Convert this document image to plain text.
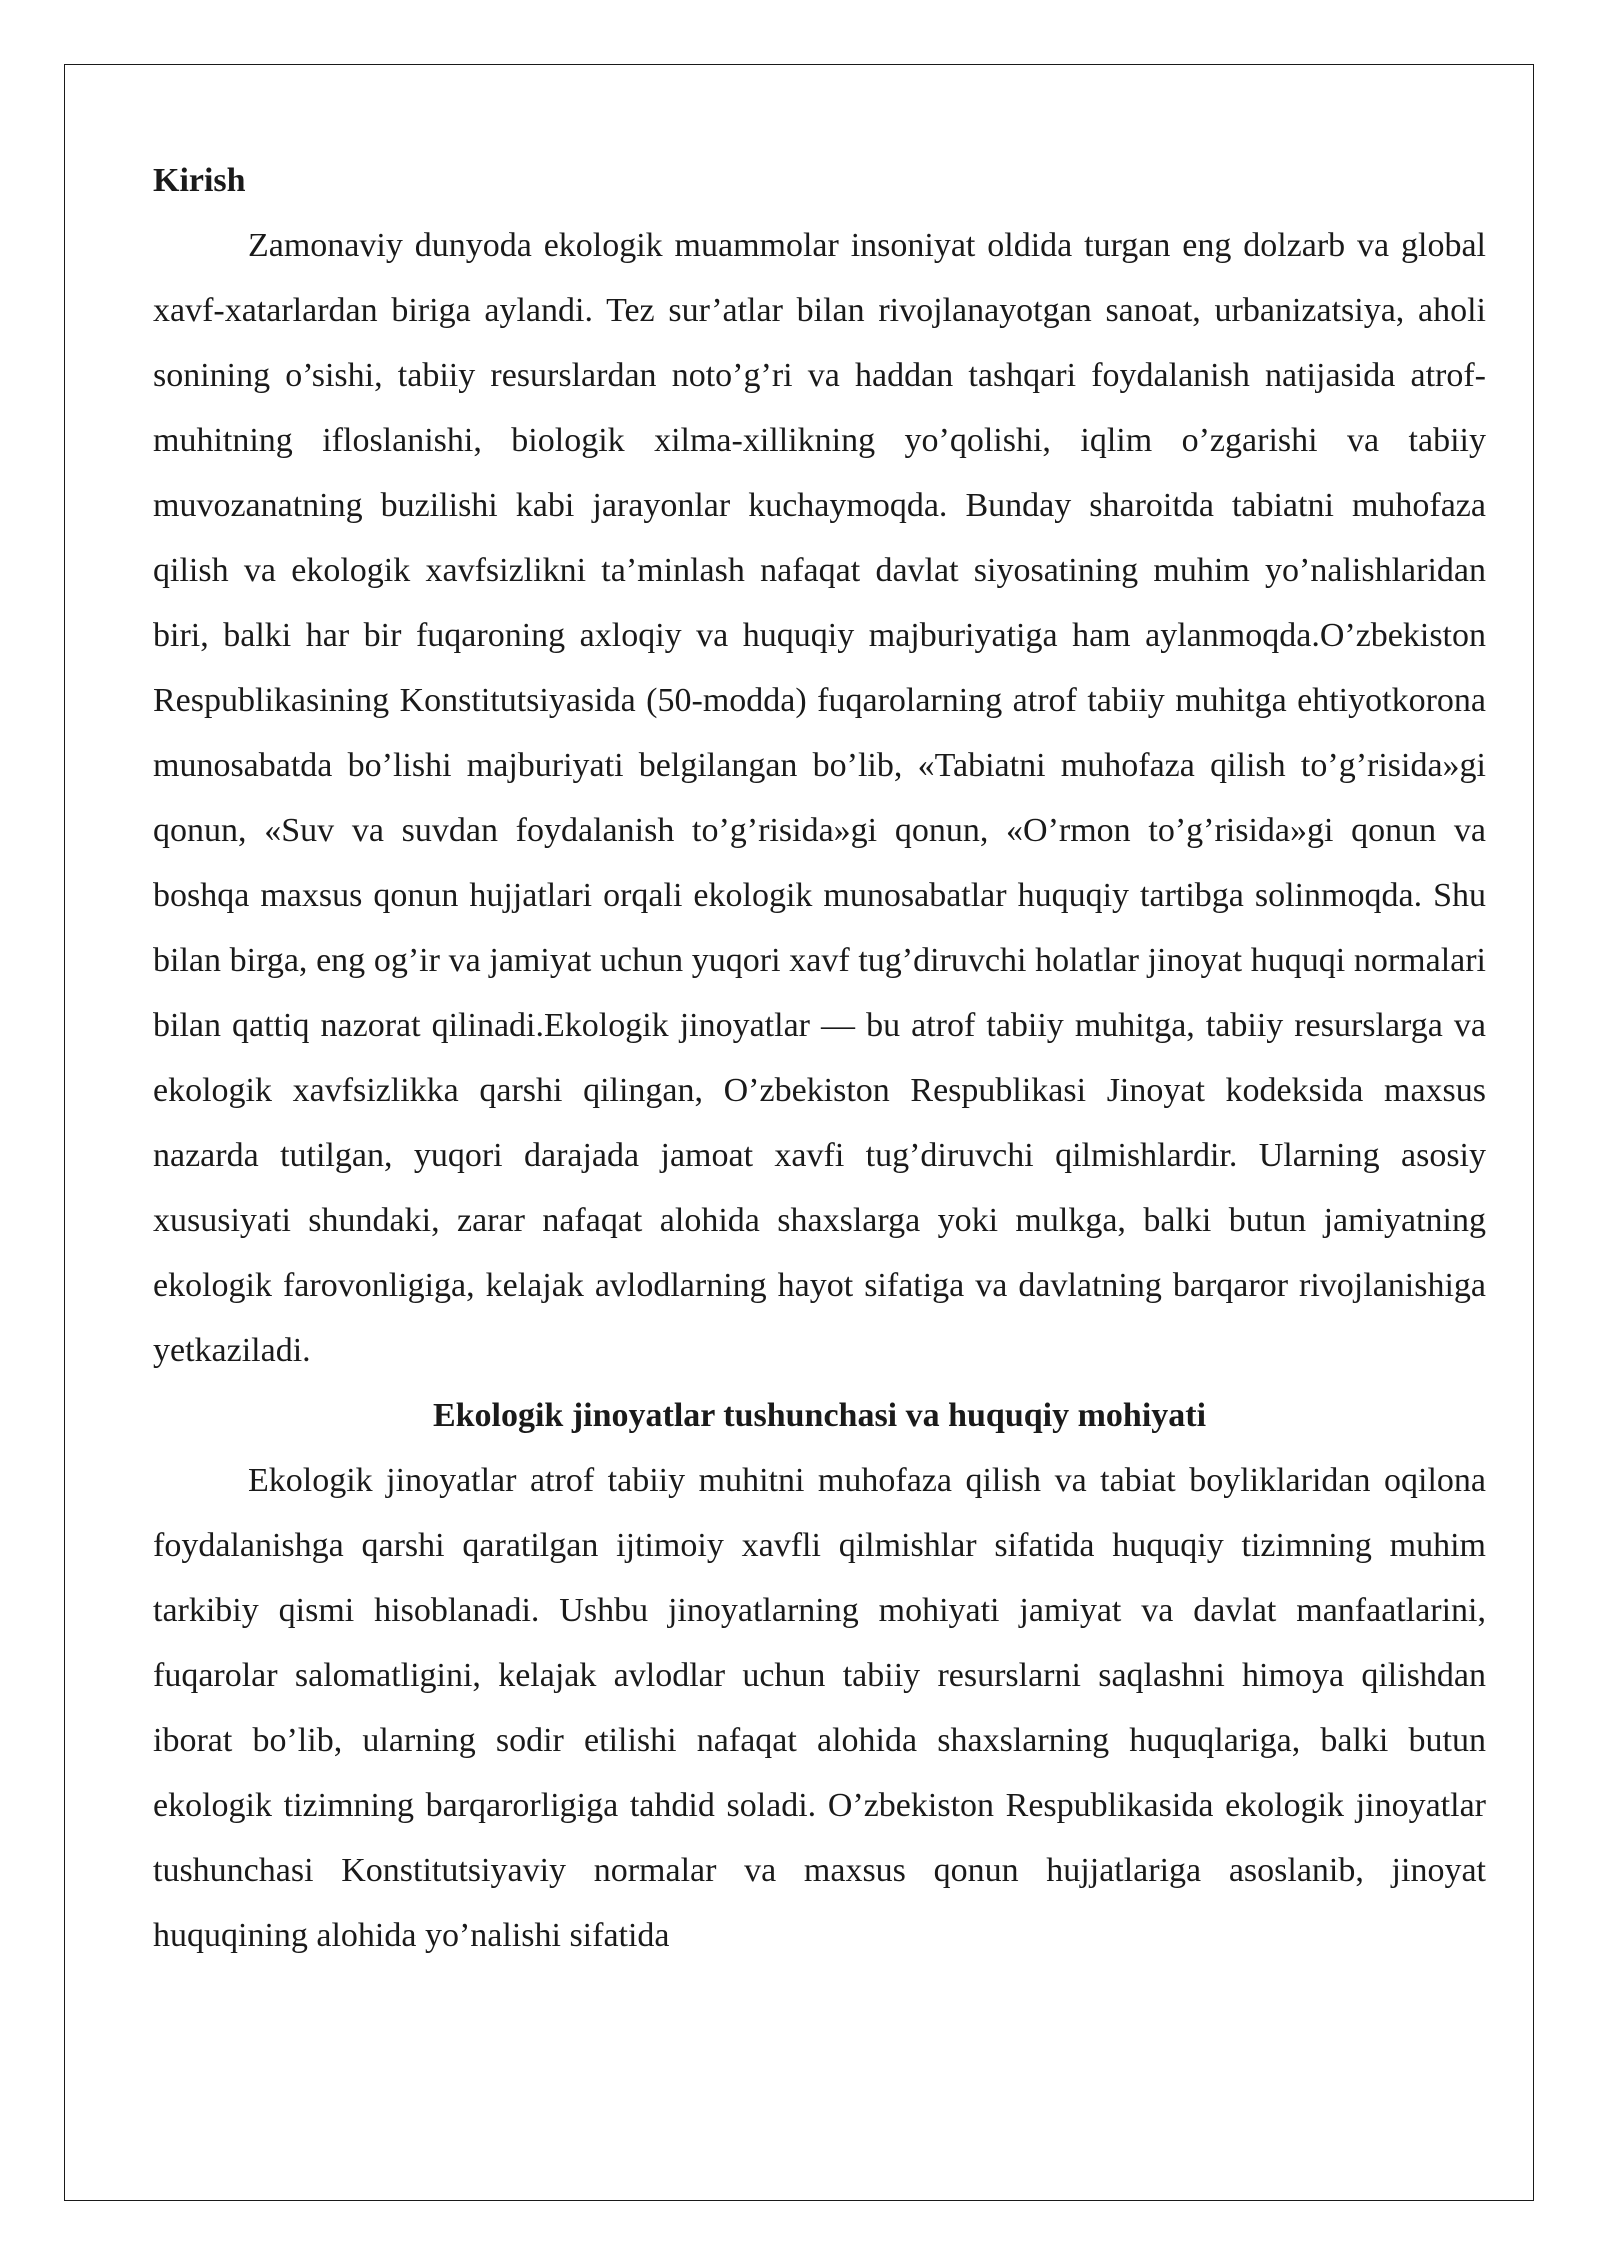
Kirish

Zamonaviy dunyoda ekologik muammolar insoniyat oldida turgan eng dolzarb va global xavf-xatarlardan biriga aylandi. Tez sur’atlar bilan rivojlanayotgan sanoat, urbanizatsiya, aholi sonining o’sishi, tabiiy resurslardan noto’g’ri va haddan tashqari foydalanish natijasida atrof-muhitning ifloslanishi, biologik xilma-xillikning yo’qolishi, iqlim o’zgarishi va tabiiy muvozanatning buzilishi kabi jarayonlar kuchaymoqda. Bunday sharoitda tabiatni muhofaza qilish va ekologik xavfsizlikni ta’minlash nafaqat davlat siyosatining muhim yo’nalishlaridan biri, balki har bir fuqaroning axloqiy va huquqiy majburiyatiga ham aylanmoqda.O’zbekiston Respublikasining Konstitutsiyasida (50-modda) fuqarolarning atrof tabiiy muhitga ehtiyotkorona munosabatda bo’lishi majburiyati belgilangan bo’lib, «Tabiatni muhofaza qilish to’g’risida»gi qonun, «Suv va suvdan foydalanish to’g’risida»gi qonun, «O’rmon to’g’risida»gi qonun va boshqa maxsus qonun hujjatlari orqali ekologik munosabatlar huquqiy tartibga solinmoqda. Shu bilan birga, eng og’ir va jamiyat uchun yuqori xavf tug’diruvchi holatlar jinoyat huquqi normalari bilan qattiq nazorat qilinadi.Ekologik jinoyatlar — bu atrof tabiiy muhitga, tabiiy resurslarga va ekologik xavfsizlikka qarshi qilingan, O’zbekiston Respublikasi Jinoyat kodeksida maxsus nazarda tutilgan, yuqori darajada jamoat xavfi tug’diruvchi qilmishlardir. Ularning asosiy xususiyati shundaki, zarar nafaqat alohida shaxslarga yoki mulkga, balki butun jamiyatning ekologik farovonligiga, kelajak avlodlarning hayot sifatiga va davlatning barqaror rivojlanishiga yetkaziladi.

Ekologik jinoyatlar tushunchasi va huquqiy mohiyati

Ekologik jinoyatlar atrof tabiiy muhitni muhofaza qilish va tabiat boyliklaridan oqilona foydalanishga qarshi qaratilgan ijtimoiy xavfli qilmishlar sifatida huquqiy tizimning muhim tarkibiy qismi hisoblanadi. Ushbu jinoyatlarning mohiyati jamiyat va davlat manfaatlarini, fuqarolar salomatligini, kelajak avlodlar uchun tabiiy resurslarni saqlashni himoya qilishdan iborat bo’lib, ularning sodir etilishi nafaqat alohida shaxslarning huquqlariga, balki butun ekologik tizimning barqarorligiga tahdid soladi. O’zbekiston Respublikasida ekologik jinoyatlar tushunchasi Konstitutsiyaviy normalar va maxsus qonun hujjatlariga asoslanib, jinoyat huquqining alohida yo’nalishi sifatida
